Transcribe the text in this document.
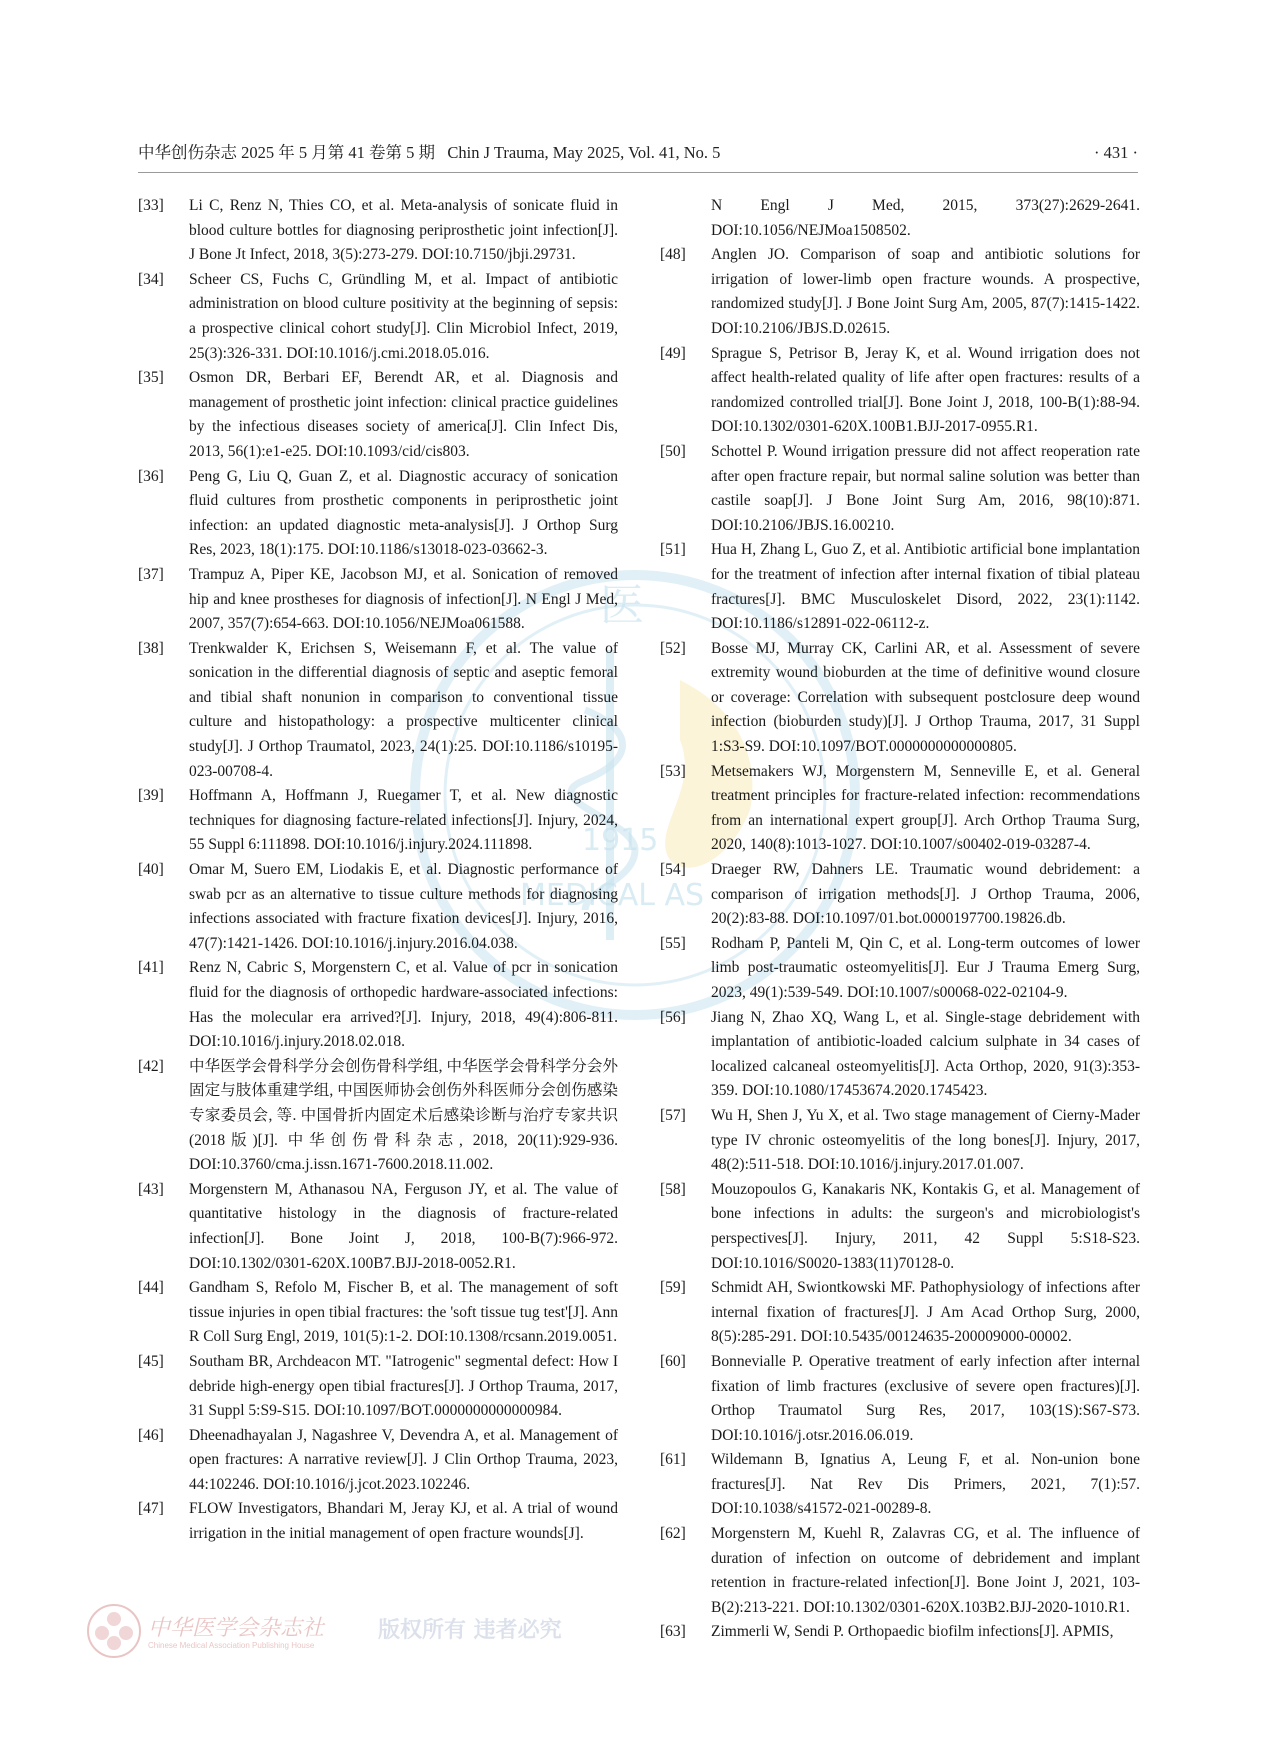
中华创伤杂志 2025 年 5 月第 41 卷第 5 期 Chin J Trauma, May 2025, Vol. 41, No. 5	· 431 ·
医
1915
MEDICAL AS
[33]	Li C, Renz N, Thies CO, et al. Meta-analysis of sonicate fluid in blood culture bottles for diagnosing periprosthetic joint infection[J]. J Bone Jt Infect, 2018, 3(5):273-279. DOI:10.7150/jbji.29731.
[34]	Scheer CS, Fuchs C, Gründling M, et al. Impact of antibiotic administration on blood culture positivity at the beginning of sepsis: a prospective clinical cohort study[J]. Clin Microbiol Infect, 2019, 25(3):326-331. DOI:10.1016/j.cmi.2018.05.016.
[35]	Osmon DR, Berbari EF, Berendt AR, et al. Diagnosis and management of prosthetic joint infection: clinical practice guidelines by the infectious diseases society of america[J]. Clin Infect Dis, 2013, 56(1):e1-e25. DOI:10.1093/cid/cis803.
[36]	Peng G, Liu Q, Guan Z, et al. Diagnostic accuracy of sonication fluid cultures from prosthetic components in periprosthetic joint infection: an updated diagnostic meta-analysis[J]. J Orthop Surg Res, 2023, 18(1):175. DOI:10.1186/s13018-023-03662-3.
[37]	Trampuz A, Piper KE, Jacobson MJ, et al. Sonication of removed hip and knee prostheses for diagnosis of infection[J]. N Engl J Med, 2007, 357(7):654-663. DOI:10.1056/NEJMoa061588.
[38]	Trenkwalder K, Erichsen S, Weisemann F, et al. The value of sonication in the differential diagnosis of septic and aseptic femoral and tibial shaft nonunion in comparison to conventional tissue culture and histopathology: a prospective multicenter clinical study[J]. J Orthop Traumatol, 2023, 24(1):25. DOI:10.1186/s10195-023-00708-4.
[39]	Hoffmann A, Hoffmann J, Ruegamer T, et al. New diagnostic techniques for diagnosing facture-related infections[J]. Injury, 2024, 55 Suppl 6:111898. DOI:10.1016/j.injury.2024.111898.
[40]	Omar M, Suero EM, Liodakis E, et al. Diagnostic performance of swab pcr as an alternative to tissue culture methods for diagnosing infections associated with fracture fixation devices[J]. Injury, 2016, 47(7):1421-1426. DOI:10.1016/j.injury.2016.04.038.
[41]	Renz N, Cabric S, Morgenstern C, et al. Value of pcr in sonication fluid for the diagnosis of orthopedic hardware-associated infections: Has the molecular era arrived?[J]. Injury, 2018, 49(4):806-811. DOI:10.1016/j.injury.2018.02.018.
[42]	中华医学会骨科学分会创伤骨科学组, 中华医学会骨科学分会外固定与肢体重建学组, 中国医师协会创伤外科医师分会创伤感染专家委员会, 等. 中国骨折内固定术后感染诊断与治疗专家共识(2018版)[J]. 中华创伤骨科杂志, 2018, 20(11):929-936. DOI:10.3760/cma.j.issn.1671-7600.2018.11.002.
[43]	Morgenstern M, Athanasou NA, Ferguson JY, et al. The value of quantitative histology in the diagnosis of fracture-related infection[J]. Bone Joint J, 2018, 100-B(7):966-972. DOI:10.1302/0301-620X.100B7.BJJ-2018-0052.R1.
[44]	Gandham S, Refolo M, Fischer B, et al. The management of soft tissue injuries in open tibial fractures: the 'soft tissue tug test'[J]. Ann R Coll Surg Engl, 2019, 101(5):1-2. DOI:10.1308/rcsann.2019.0051.
[45]	Southam BR, Archdeacon MT. "Iatrogenic" segmental defect: How I debride high-energy open tibial fractures[J]. J Orthop Trauma, 2017, 31 Suppl 5:S9-S15. DOI:10.1097/BOT.0000000000000984.
[46]	Dheenadhayalan J, Nagashree V, Devendra A, et al. Management of open fractures: A narrative review[J]. J Clin Orthop Trauma, 2023, 44:102246. DOI:10.1016/j.jcot.2023.102246.
[47]	FLOW Investigators, Bhandari M, Jeray KJ, et al. A trial of wound irrigation in the initial management of open fracture wounds[J].
N Engl J Med, 2015, 373(27):2629-2641. DOI:10.1056/NEJMoa1508502.
[48]	Anglen JO. Comparison of soap and antibiotic solutions for irrigation of lower-limb open fracture wounds. A prospective, randomized study[J]. J Bone Joint Surg Am, 2005, 87(7):1415-1422. DOI:10.2106/JBJS.D.02615.
[49]	Sprague S, Petrisor B, Jeray K, et al. Wound irrigation does not affect health-related quality of life after open fractures: results of a randomized controlled trial[J]. Bone Joint J, 2018, 100-B(1):88-94. DOI:10.1302/0301-620X.100B1.BJJ-2017-0955.R1.
[50]	Schottel P. Wound irrigation pressure did not affect reoperation rate after open fracture repair, but normal saline solution was better than castile soap[J]. J Bone Joint Surg Am, 2016, 98(10):871. DOI:10.2106/JBJS.16.00210.
[51]	Hua H, Zhang L, Guo Z, et al. Antibiotic artificial bone implantation for the treatment of infection after internal fixation of tibial plateau fractures[J]. BMC Musculoskelet Disord, 2022, 23(1):1142. DOI:10.1186/s12891-022-06112-z.
[52]	Bosse MJ, Murray CK, Carlini AR, et al. Assessment of severe extremity wound bioburden at the time of definitive wound closure or coverage: Correlation with subsequent postclosure deep wound infection (bioburden study)[J]. J Orthop Trauma, 2017, 31 Suppl 1:S3-S9. DOI:10.1097/BOT.0000000000000805.
[53]	Metsemakers WJ, Morgenstern M, Senneville E, et al. General treatment principles for fracture-related infection: recommendations from an international expert group[J]. Arch Orthop Trauma Surg, 2020, 140(8):1013-1027. DOI:10.1007/s00402-019-03287-4.
[54]	Draeger RW, Dahners LE. Traumatic wound debridement: a comparison of irrigation methods[J]. J Orthop Trauma, 2006, 20(2):83-88. DOI:10.1097/01.bot.0000197700.19826.db.
[55]	Rodham P, Panteli M, Qin C, et al. Long-term outcomes of lower limb post-traumatic osteomyelitis[J]. Eur J Trauma Emerg Surg, 2023, 49(1):539-549. DOI:10.1007/s00068-022-02104-9.
[56]	Jiang N, Zhao XQ, Wang L, et al. Single-stage debridement with implantation of antibiotic-loaded calcium sulphate in 34 cases of localized calcaneal osteomyelitis[J]. Acta Orthop, 2020, 91(3):353-359. DOI:10.1080/17453674.2020.1745423.
[57]	Wu H, Shen J, Yu X, et al. Two stage management of Cierny-Mader type IV chronic osteomyelitis of the long bones[J]. Injury, 2017, 48(2):511-518. DOI:10.1016/j.injury.2017.01.007.
[58]	Mouzopoulos G, Kanakaris NK, Kontakis G, et al. Management of bone infections in adults: the surgeon's and microbiologist's perspectives[J]. Injury, 2011, 42 Suppl 5:S18-S23. DOI:10.1016/S0020-1383(11)70128-0.
[59]	Schmidt AH, Swiontkowski MF. Pathophysiology of infections after internal fixation of fractures[J]. J Am Acad Orthop Surg, 2000, 8(5):285-291. DOI:10.5435/00124635-200009000-00002.
[60]	Bonnevialle P. Operative treatment of early infection after internal fixation of limb fractures (exclusive of severe open fractures)[J]. Orthop Traumatol Surg Res, 2017, 103(1S):S67-S73. DOI:10.1016/j.otsr.2016.06.019.
[61]	Wildemann B, Ignatius A, Leung F, et al. Non-union bone fractures[J]. Nat Rev Dis Primers, 2021, 7(1):57. DOI:10.1038/s41572-021-00289-8.
[62]	Morgenstern M, Kuehl R, Zalavras CG, et al. The influence of duration of infection on outcome of debridement and implant retention in fracture-related infection[J]. Bone Joint J, 2021, 103-B(2):213-221. DOI:10.1302/0301-620X.103B2.BJJ-2020-1010.R1.
[63]	Zimmerli W, Sendi P. Orthopaedic biofilm infections[J]. APMIS,
中华医学会杂志社
Chinese Medical Association Publishing House
版权所有 违者必究
